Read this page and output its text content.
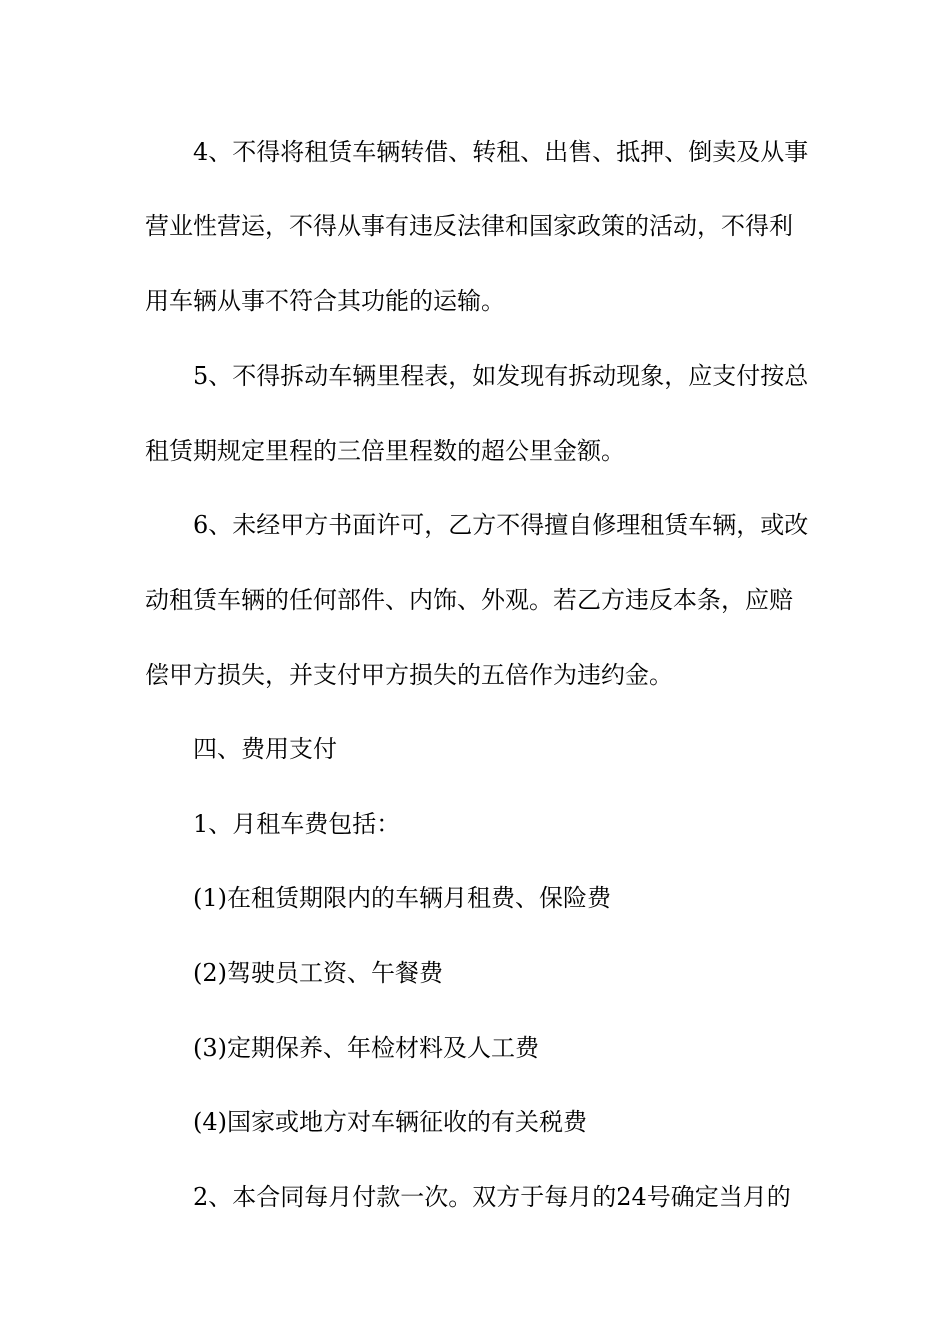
4、不得将租赁车辆转借、转租、出售、抵押、倒卖及从事
营业性营运，不得从事有违反法律和国家政策的活动，不得利
用车辆从事不符合其功能的运输。
5、不得拆动车辆里程表，如发现有拆动现象，应支付按总
租赁期规定里程的三倍里程数的超公里金额。
6、未经甲方书面许可，乙方不得擅自修理租赁车辆，或改
动租赁车辆的任何部件、内饰、外观。若乙方违反本条，应赔
偿甲方损失，并支付甲方损失的五倍作为违约金。
四、费用支付
1、月租车费包括：
(1)在租赁期限内的车辆月租费、保险费
(2)驾驶员工资、午餐费
(3)定期保养、年检材料及人工费
(4)国家或地方对车辆征收的有关税费
2、本合同每月付款一次。双方于每月的24号确定当月的
